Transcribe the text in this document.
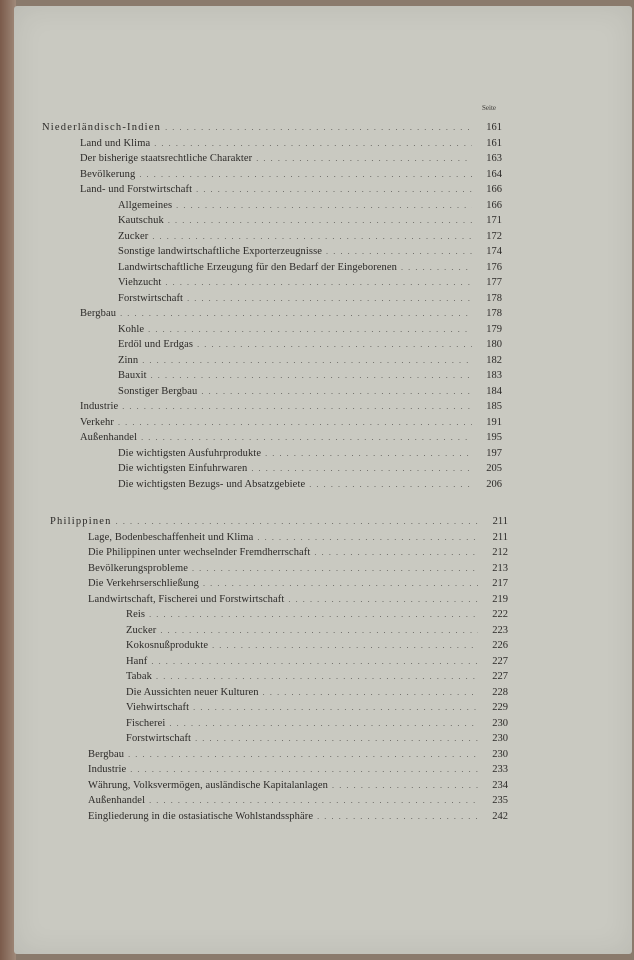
Seite
Niederländisch-Indien . . .	161
Land und Klima . . .	161
Der bisherige staatsrechtliche Charakter . . .	163
Bevölkerung . . .	164
Land- und Forstwirtschaft . . .	166
Allgemeines . . .	166
Kautschuk . . .	171
Zucker . . .	172
Sonstige landwirtschaftliche Exporterzeugnisse . . .	174
Landwirtschaftliche Erzeugung für den Bedarf der Eingeborenen . . .	176
Viehzucht . . .	177
Forstwirtschaft . . .	178
Bergbau . . .	178
Kohle . . .	179
Erdöl und Erdgas . . .	180
Zinn . . .	182
Bauxit . . .	183
Sonstiger Bergbau . . .	184
Industrie . . .	185
Verkehr . . .	191
Außenhandel . . .	195
Die wichtigsten Ausfuhrprodukte . . .	197
Die wichtigsten Einfuhrwaren . . .	205
Die wichtigsten Bezugs- und Absatzgebiete . . .	206
Philippinen . . .	211
Lage, Bodenbeschaffenheit und Klima . . .	211
Die Philippinen unter wechselnder Fremdherrschaft . . .	212
Bevölkerungsprobleme . . .	213
Die Verkehrserschließung . . .	217
Landwirtschaft, Fischerei und Forstwirtschaft . . .	219
Reis . . .	222
Zucker . . .	223
Kokosnußprodukte . . .	226
Hanf . . .	227
Tabak . . .	227
Die Aussichten neuer Kulturen . . .	228
Viehwirtschaft . . .	229
Fischerei . . .	230
Forstwirtschaft . . .	230
Bergbau . . .	230
Industrie . . .	233
Währung, Volksvermögen, ausländische Kapitalanlagen . . .	234
Außenhandel . . .	235
Eingliederung in die ostasiatische Wohlstandssphäre . . .	242
